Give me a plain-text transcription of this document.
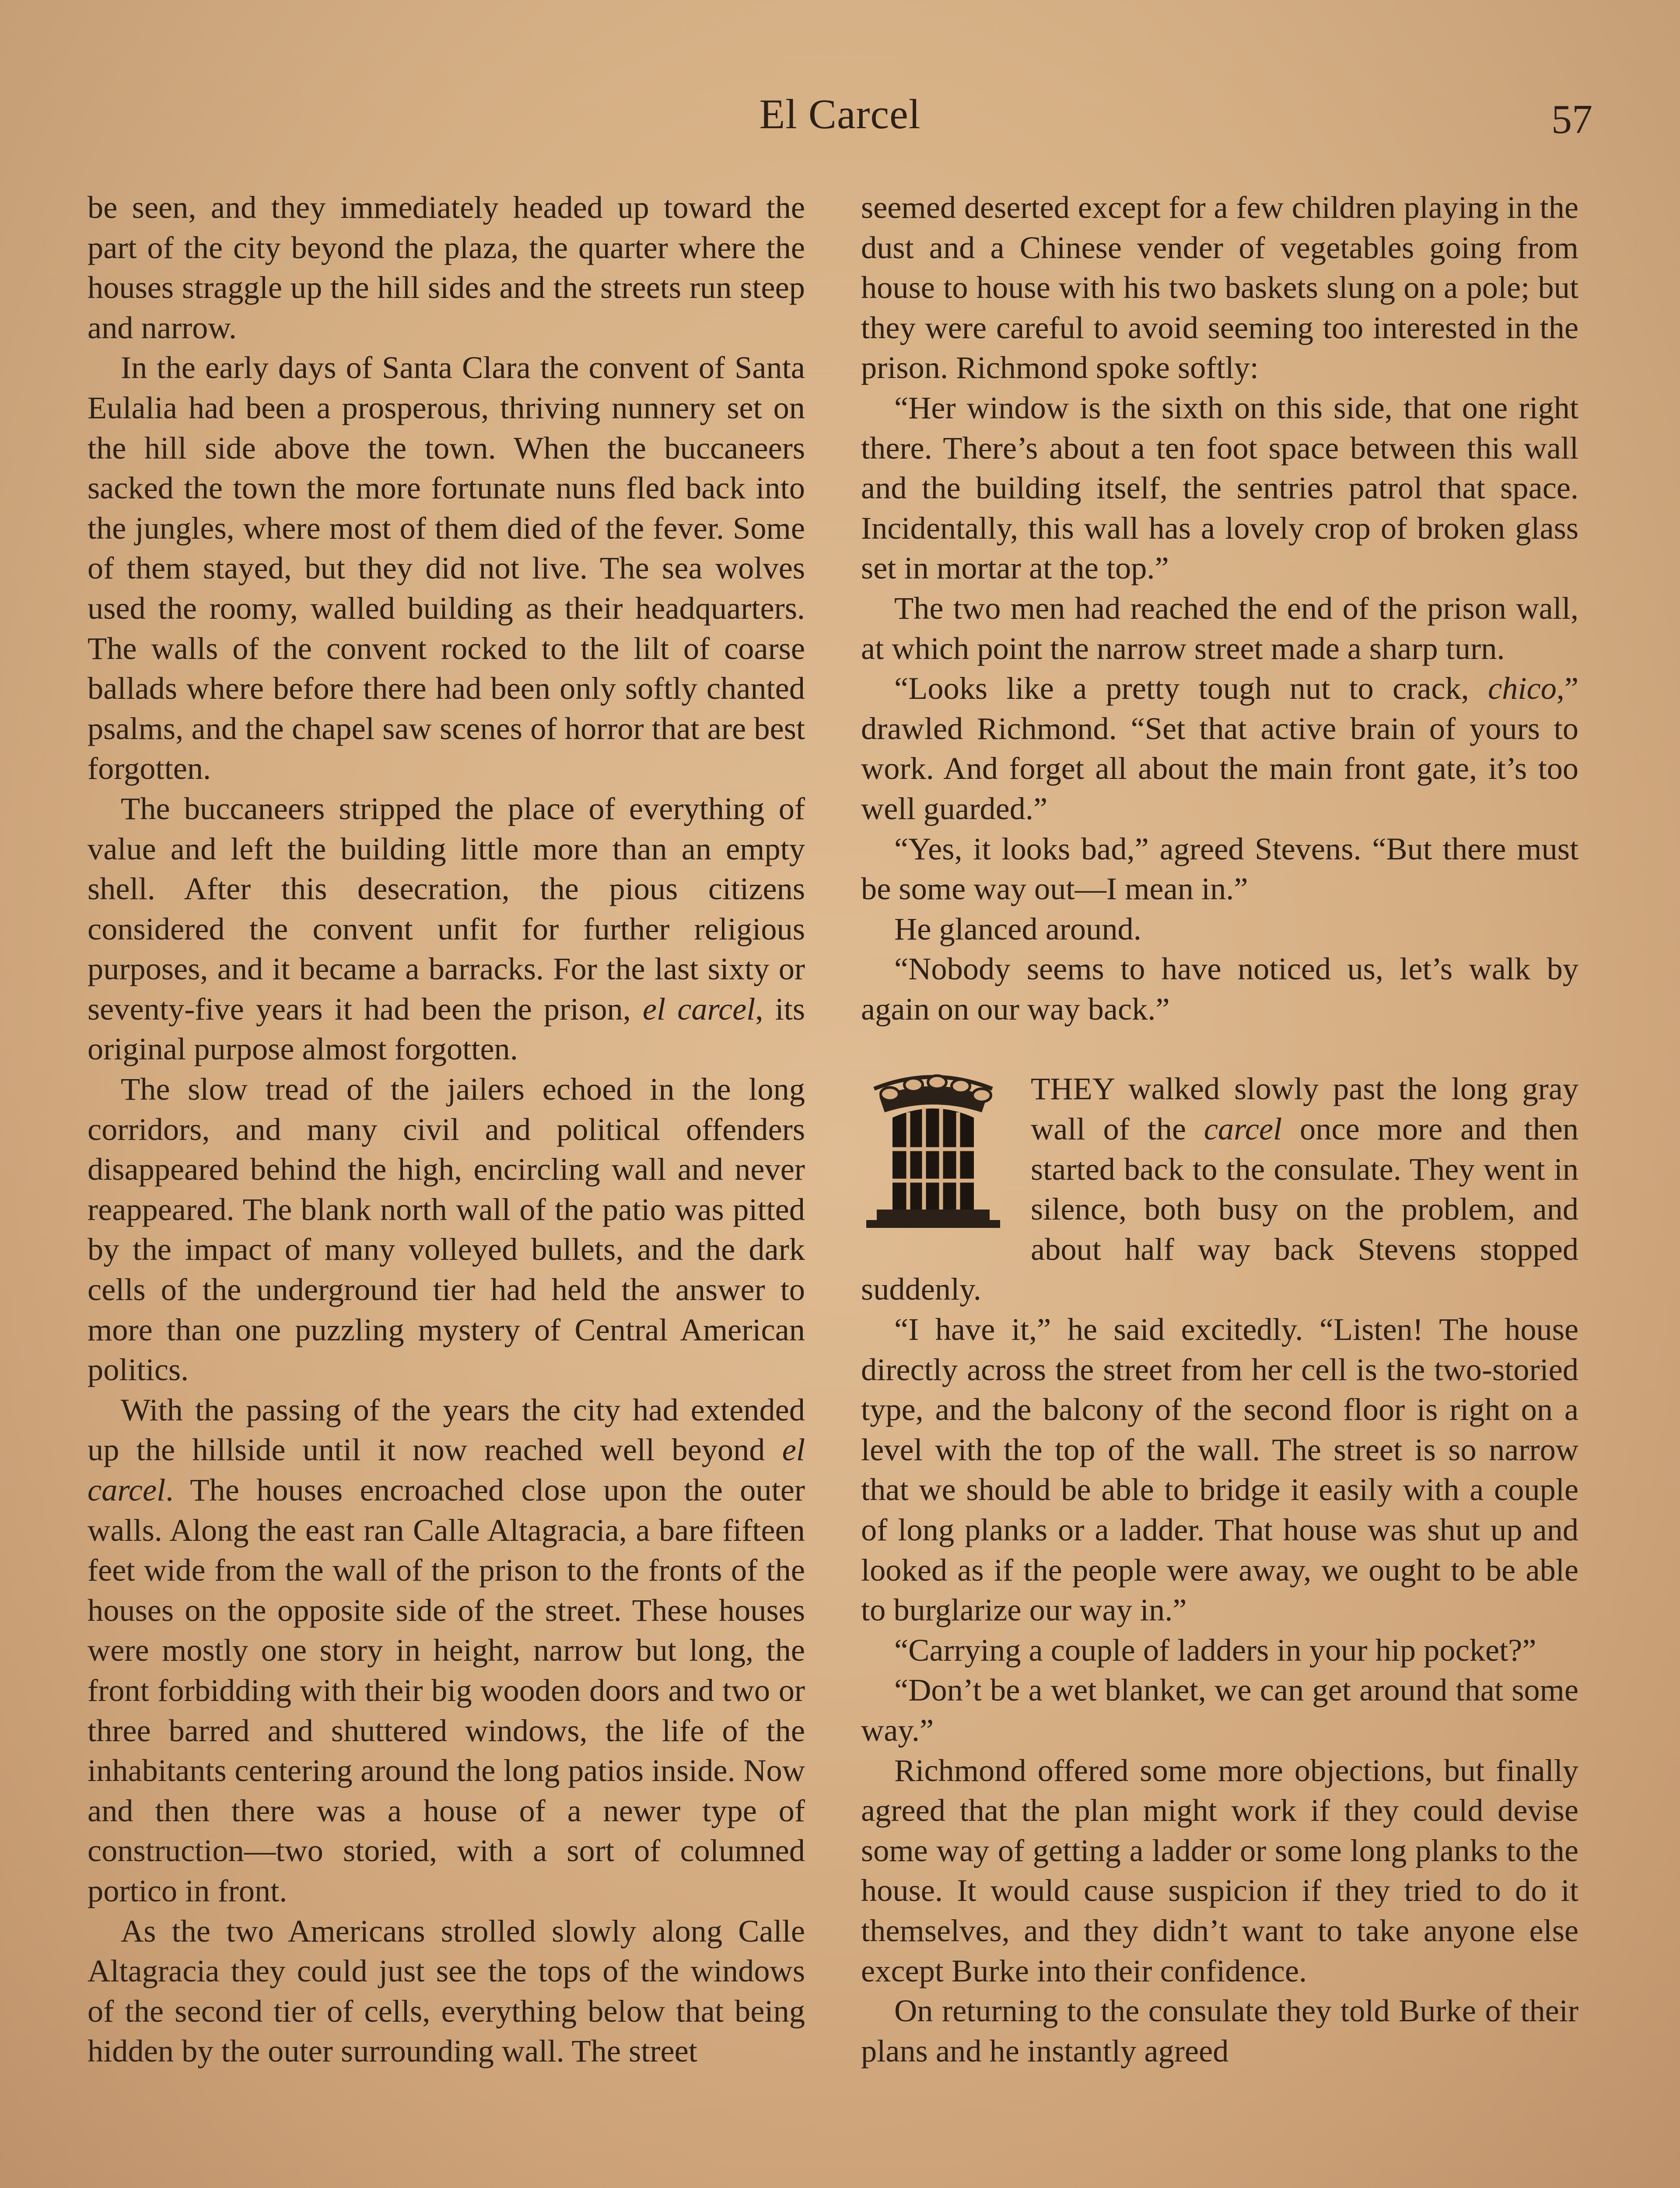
El Carcel	57

be seen, and they immediately headed up toward the part of the city beyond the plaza, the quarter where the houses straggle up the hill sides and the streets run steep and narrow.

In the early days of Santa Clara the convent of Santa Eulalia had been a prosperous, thriving nunnery set on the hill side above the town. When the buccaneers sacked the town the more fortunate nuns fled back into the jungles, where most of them died of the fever. Some of them stayed, but they did not live. The sea wolves used the roomy, walled building as their headquarters. The walls of the convent rocked to the lilt of coarse ballads where before there had been only softly chanted psalms, and the chapel saw scenes of horror that are best forgotten.

The buccaneers stripped the place of everything of value and left the building little more than an empty shell. After this desecration, the pious citizens considered the convent unfit for further religious purposes, and it became a barracks. For the last sixty or seventy-five years it had been the prison, el carcel, its original purpose almost forgotten.

The slow tread of the jailers echoed in the long corridors, and many civil and political offenders disappeared behind the high, encircling wall and never reappeared. The blank north wall of the patio was pitted by the impact of many volleyed bullets, and the dark cells of the underground tier had held the answer to more than one puzzling mystery of Central American politics.

With the passing of the years the city had extended up the hillside until it now reached well beyond el carcel. The houses encroached close upon the outer walls. Along the east ran Calle Altagracia, a bare fifteen feet wide from the wall of the prison to the fronts of the houses on the opposite side of the street. These houses were mostly one story in height, narrow but long, the front forbidding with their big wooden doors and two or three barred and shuttered windows, the life of the inhabitants centering around the long patios inside. Now and then there was a house of a newer type of construction—two storied, with a sort of columned portico in front.

As the two Americans strolled slowly along Calle Altagracia they could just see the tops of the windows of the second tier of cells, everything below that being hidden by the outer surrounding wall. The street

seemed deserted except for a few children playing in the dust and a Chinese vender of vegetables going from house to house with his two baskets slung on a pole; but they were careful to avoid seeming too interested in the prison. Richmond spoke softly:

“Her window is the sixth on this side, that one right there. There’s about a ten foot space between this wall and the building itself, the sentries patrol that space. Incidentally, this wall has a lovely crop of broken glass set in mortar at the top.”

The two men had reached the end of the prison wall, at which point the narrow street made a sharp turn.

“Looks like a pretty tough nut to crack, chico,” drawled Richmond. “Set that active brain of yours to work. And forget all about the main front gate, it’s too well guarded.”

“Yes, it looks bad,” agreed Stevens. “But there must be some way out—I mean in.”

He glanced around.

“Nobody seems to have noticed us, let’s walk by again on our way back.”

THEY walked slowly past the long gray wall of the carcel once more and then started back to the consulate. They went in silence, both busy on the problem, and about half way back Stevens stopped suddenly.

“I have it,” he said excitedly. “Listen! The house directly across the street from her cell is the two-storied type, and the balcony of the second floor is right on a level with the top of the wall. The street is so narrow that we should be able to bridge it easily with a couple of long planks or a ladder. That house was shut up and looked as if the people were away, we ought to be able to burglarize our way in.”

“Carrying a couple of ladders in your hip pocket?”

“Don’t be a wet blanket, we can get around that some way.”

Richmond offered some more objections, but finally agreed that the plan might work if they could devise some way of getting a ladder or some long planks to the house. It would cause suspicion if they tried to do it themselves, and they didn’t want to take anyone else except Burke into their confidence.

On returning to the consulate they told Burke of their plans and he instantly agreed
